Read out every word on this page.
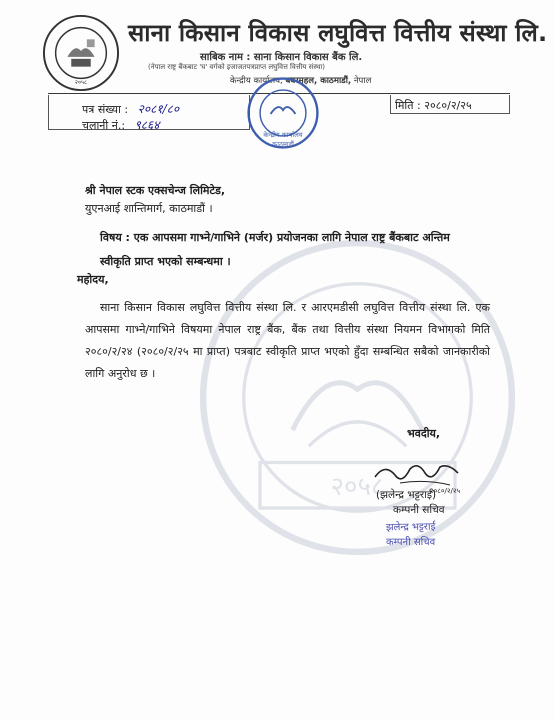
२०५८
२०५८
साना किसान विकास लघुवित्त वित्तीय संस्था लि.
साबिक नाम : साना किसान विकास बैंक लि.
(नेपाल राष्ट्र बैंकबाट 'घ' वर्गको इजाजतपत्रप्राप्त लघुवित्त वित्तीय संस्था)
केन्द्रीय कार्यालय, बबरमहल, काठमाडौं, नेपाल
केन्द्रीय कार्यालय
काठमाडौं
पत्र संख्या : २०८१/८०
चलानी नं.: ९८६४
मिति : २०८०/२/२५
श्री नेपाल स्टक एक्सचेन्ज लिमिटेड,
युएनआई शान्तिमार्ग, काठमाडौं ।
विषय : एक आपसमा गाभ्ने/गाभिने (मर्जर) प्रयोजनका लागि नेपाल राष्ट्र बैंकबाट अन्तिम स्वीकृति प्राप्त भएको सम्बन्धमा ।
महोदय,
साना किसान विकास लघुवित्त वित्तीय संस्था लि. र आरएमडीसी लघुवित्त वित्तीय संस्था लि. एक आपसमा गाभ्ने/गाभिने विषयमा नेपाल राष्ट्र बैंक, बैंक तथा वित्तीय संस्था नियमन विभागको मिति २०८०/२/२४ (२०८०/२/२५ मा प्राप्त) पत्रबाट स्वीकृति प्राप्त भएको हुँदा सम्बन्धित सबैको जानकारीको लागि अनुरोध छ ।
भवदीय,
२०८०/२/२५
(झलेन्द्र भट्टराई)
कम्पनी सचिव
झलेन्द्र भट्टराई
कम्पनी सचिव
